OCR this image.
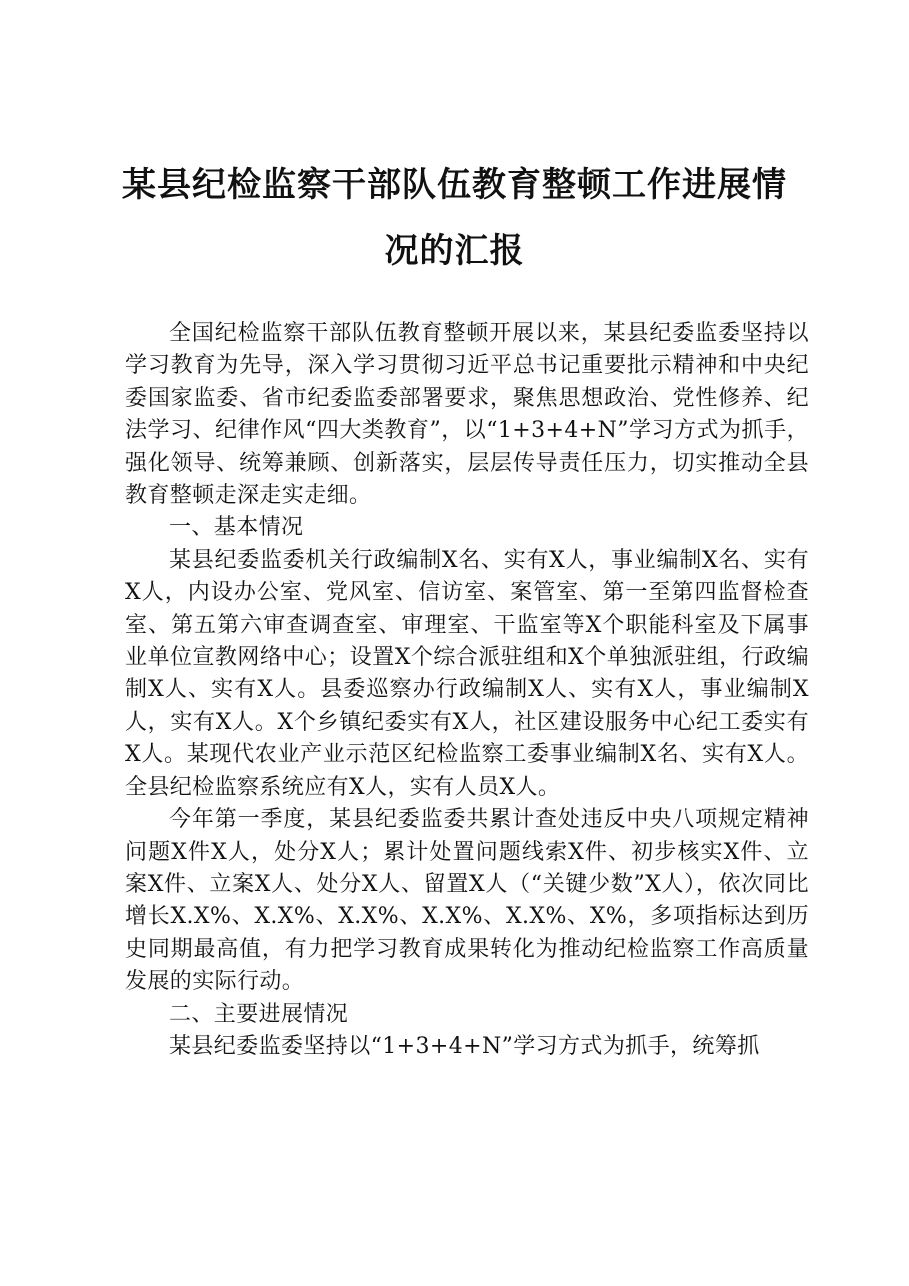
某县纪检监察干部队伍教育整顿工作进展情况的汇报

全国纪检监察干部队伍教育整顿开展以来，某县纪委监委坚持以学习教育为先导，深入学习贯彻习近平总书记重要批示精神和中央纪委国家监委、省市纪委监委部署要求，聚焦思想政治、党性修养、纪法学习、纪律作风“四大类教育”，以“1+3+4+N”学习方式为抓手，强化领导、统筹兼顾、创新落实，层层传导责任压力，切实推动全县教育整顿走深走实走细。

一、基本情况

某县纪委监委机关行政编制X名、实有X人，事业编制X名、实有X人，内设办公室、党风室、信访室、案管室、第一至第四监督检查室、第五第六审查调查室、审理室、干监室等X个职能科室及下属事业单位宣教网络中心；设置X个综合派驻组和X个单独派驻组，行政编制X人、实有X人。县委巡察办行政编制X人、实有X人，事业编制X人，实有X人。X个乡镇纪委实有X人，社区建设服务中心纪工委实有X人。某现代农业产业示范区纪检监察工委事业编制X名、实有X人。全县纪检监察系统应有X人，实有人员X人。

今年第一季度，某县纪委监委共累计查处违反中央八项规定精神问题X件X人，处分X人；累计处置问题线索X件、初步核实X件、立案X件、立案X人、处分X人、留置X人（“关键少数”X人），依次同比增长X.X%、X.X%、X.X%、X.X%、X.X%、X%，多项指标达到历史同期最高值，有力把学习教育成果转化为推动纪检监察工作高质量发展的实际行动。

二、主要进展情况

某县纪委监委坚持以“1+3+4+N”学习方式为抓手，统筹抓
